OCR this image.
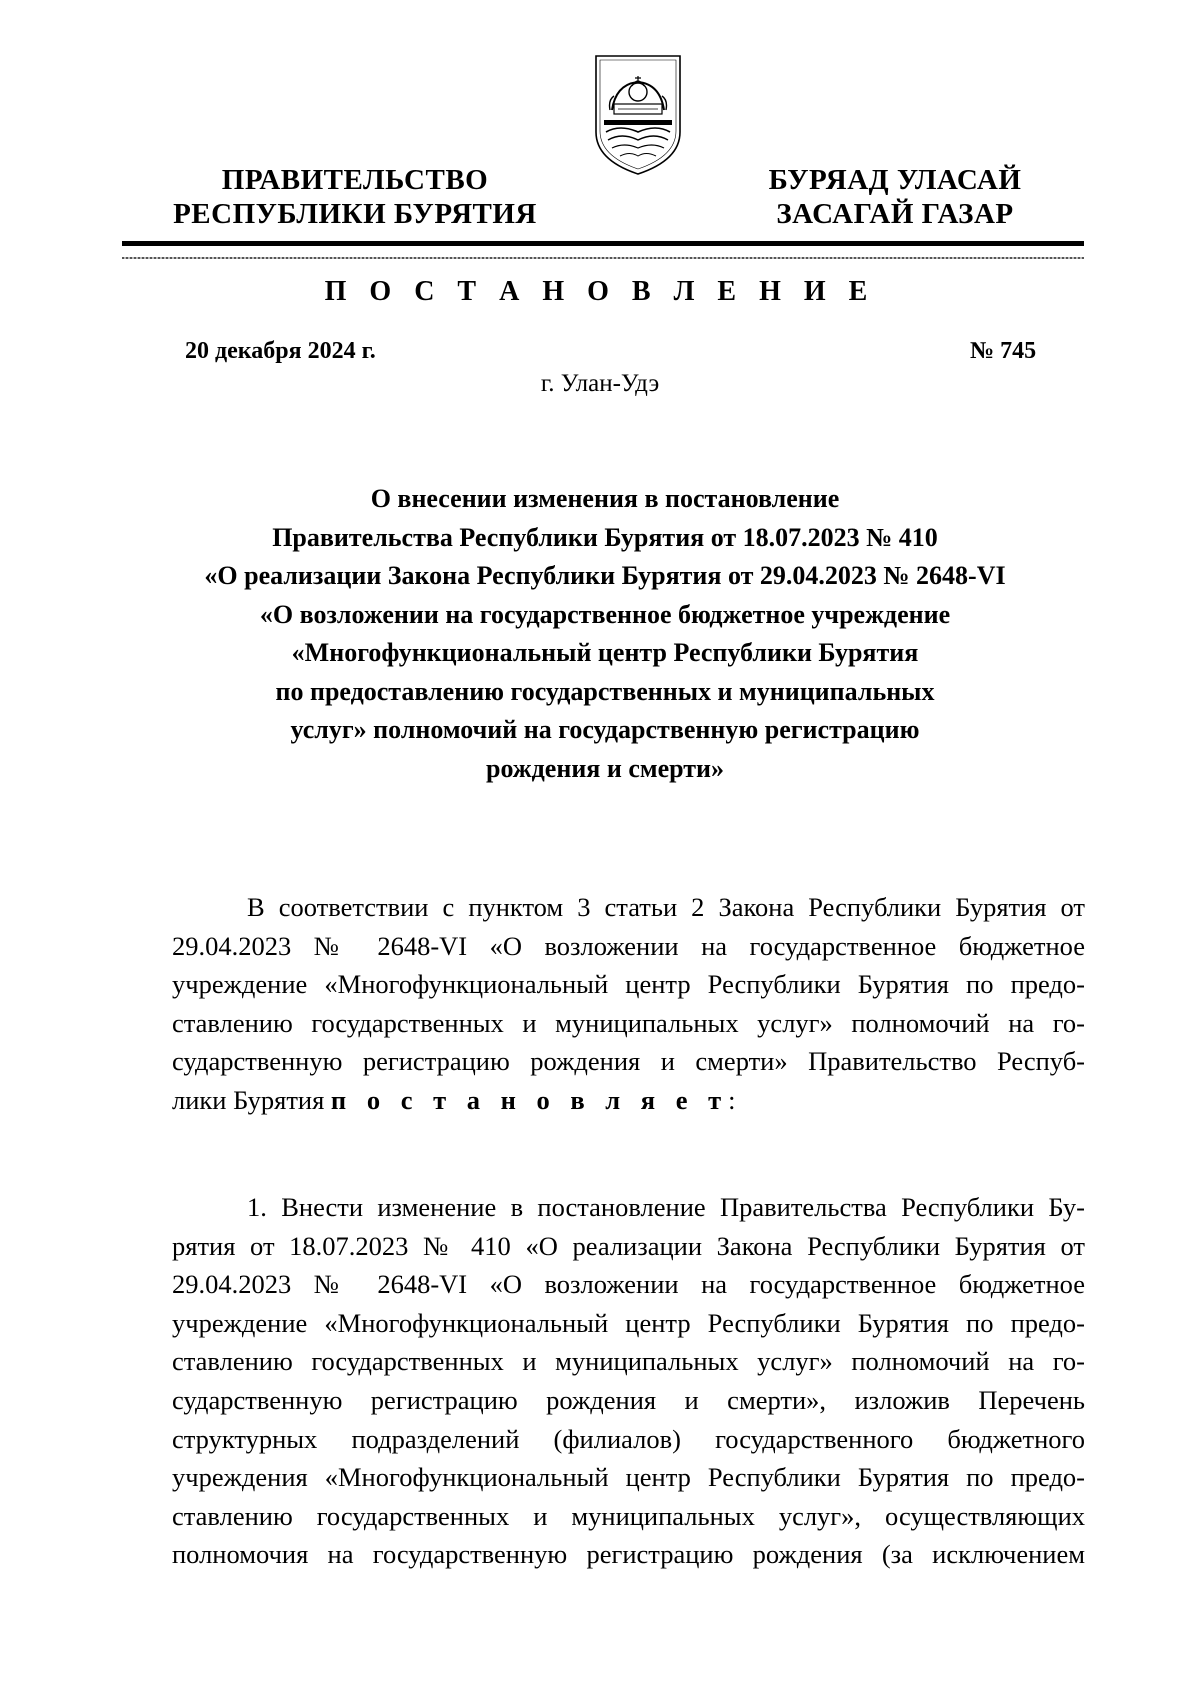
ПРАВИТЕЛЬСТВО
РЕСПУБЛИКИ БУРЯТИЯ
БУРЯАД УЛАСАЙ
ЗАСАГАЙ ГАЗАР
П О С Т А Н О В Л Е Н И Е
20 декабря 2024 г.	№ 745
г. Улан-Удэ
О внесении изменения в постановление
Правительства Республики Бурятия от 18.07.2023 № 410
«О реализации Закона Республики Бурятия от 29.04.2023 № 2648-VI
«О возложении на государственное бюджетное учреждение
«Многофункциональный центр Республики Бурятия
по предоставлению государственных и муниципальных
услуг» полномочий на государственную регистрацию
рождения и смерти»
В соответствии с пунктом 3 статьи 2 Закона Республики Бурятия от
29.04.2023 № 2648-VI «О возложении на государственное бюджетное
учреждение «Многофункциональный центр Республики Бурятия по предо-
ставлению государственных и муниципальных услуг» полномочий на го-
сударственную регистрацию рождения и смерти» Правительство Респуб-
лики Бурятия п о с т а н о в л я е т:
1. Внести изменение в постановление Правительства Республики Бу-
рятия от 18.07.2023 № 410 «О реализации Закона Республики Бурятия от
29.04.2023 № 2648-VI «О возложении на государственное бюджетное
учреждение «Многофункциональный центр Республики Бурятия по предо-
ставлению государственных и муниципальных услуг» полномочий на го-
сударственную регистрацию рождения и смерти», изложив Перечень
структурных подразделений (филиалов) государственного бюджетного
учреждения «Многофункциональный центр Республики Бурятия по предо-
ставлению государственных и муниципальных услуг», осуществляющих
полномочия на государственную регистрацию рождения (за исключением
